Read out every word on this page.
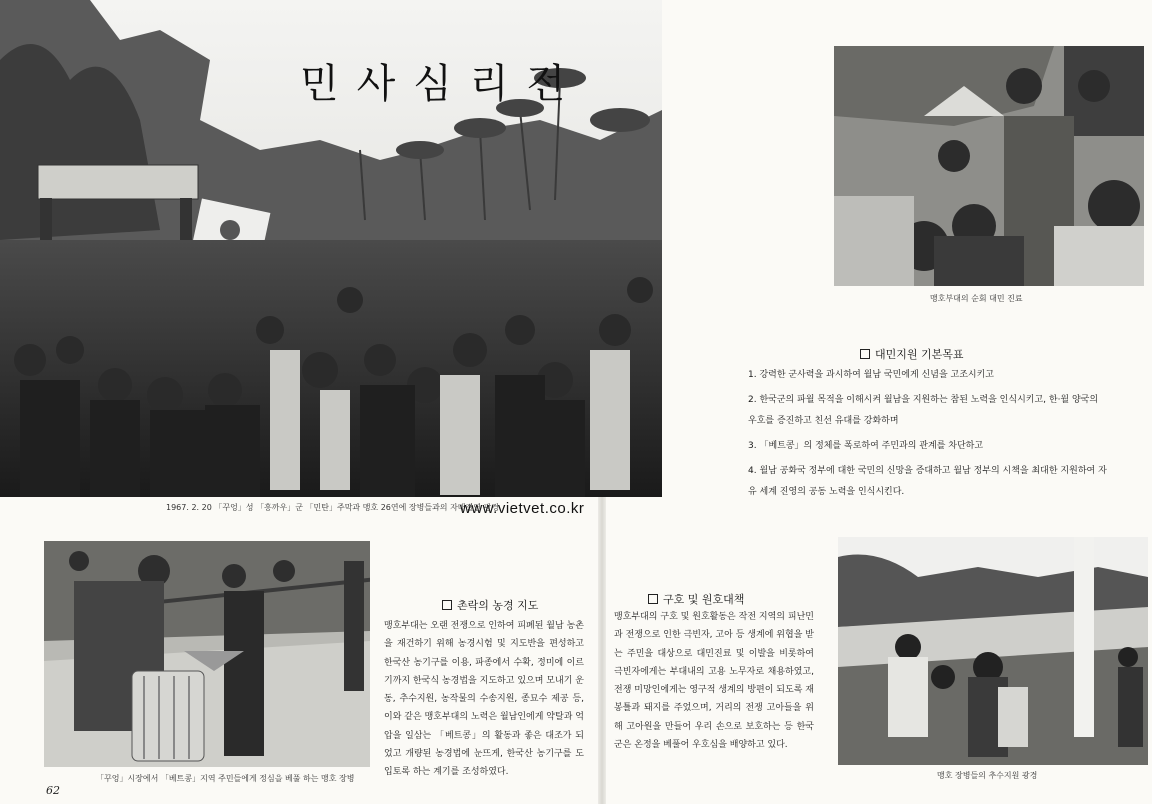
민사심리전
1967. 2. 20 「꾸엉」성 「흥까우」군 「민탄」주막과 맹호 26연에 장병들과의 자매결연 광경
www.vietvet.co.kr
맹호부대의 순회 대민 진료
대민지원 기본목표
1. 강력한 군사력을 과시하여 월남 국민에게 신념을 고조시키고
2. 한국군의 파월 목적을 이해시켜 월남을 지원하는 참된 노력을 인식시키고, 한·월 양국의 우호를 증진하고 친선 유대를 강화하며
3. 「베트콩」의 정체를 폭로하여 주민과의 관계를 차단하고
4. 월남 공화국 정부에 대한 국민의 신망을 증대하고 월남 정부의 시책을 최대한 지원하여 자유 세계 진영의 공동 노력을 인식시킨다.
「꾸엉」시장에서 「베트콩」지역 주민들에게 정심을 베풀 하는 맹호 장병
촌락의 농경 지도
맹호부대는 오랜 전쟁으로 인하여 피폐된 월남 농촌을 재건하기 위해 농경시험 및 지도반을 편성하고 한국산 농기구를 이용, 파종에서 수확, 정미에 이르기까지 한국식 농경법을 지도하고 있으며 모내기 운동, 추수지원, 농작물의 수송지원, 종묘수 제공 등, 이와 같은 맹호부대의 노력은 월남인에게 약탈과 억압을 일삼는 「베트콩」의 활동과 좋은 대조가 되었고 개량된 농경법에 눈뜨게, 한국산 농기구를 도입토록 하는 계기를 조성하였다.
구호 및 원호대책
맹호부대의 구호 및 원호활동은 작전 지역의 피난민과 전쟁으로 인한 극빈자, 고아 등 생계에 위협을 받는 주민을 대상으로 대민진료 및 이발을 비롯하여 극빈자에게는 부대내의 고용 노무자로 채용하였고, 전쟁 미망인에게는 영구적 생계의 방편이 되도록 재봉틀과 돼지를 주었으며, 거리의 전쟁 고아들을 위해 고아원을 만들어 우리 손으로 보호하는 등 한국군은 온정을 베풀어 우호심을 배양하고 있다.
맹호 장병들의 추수지원 광경
62
